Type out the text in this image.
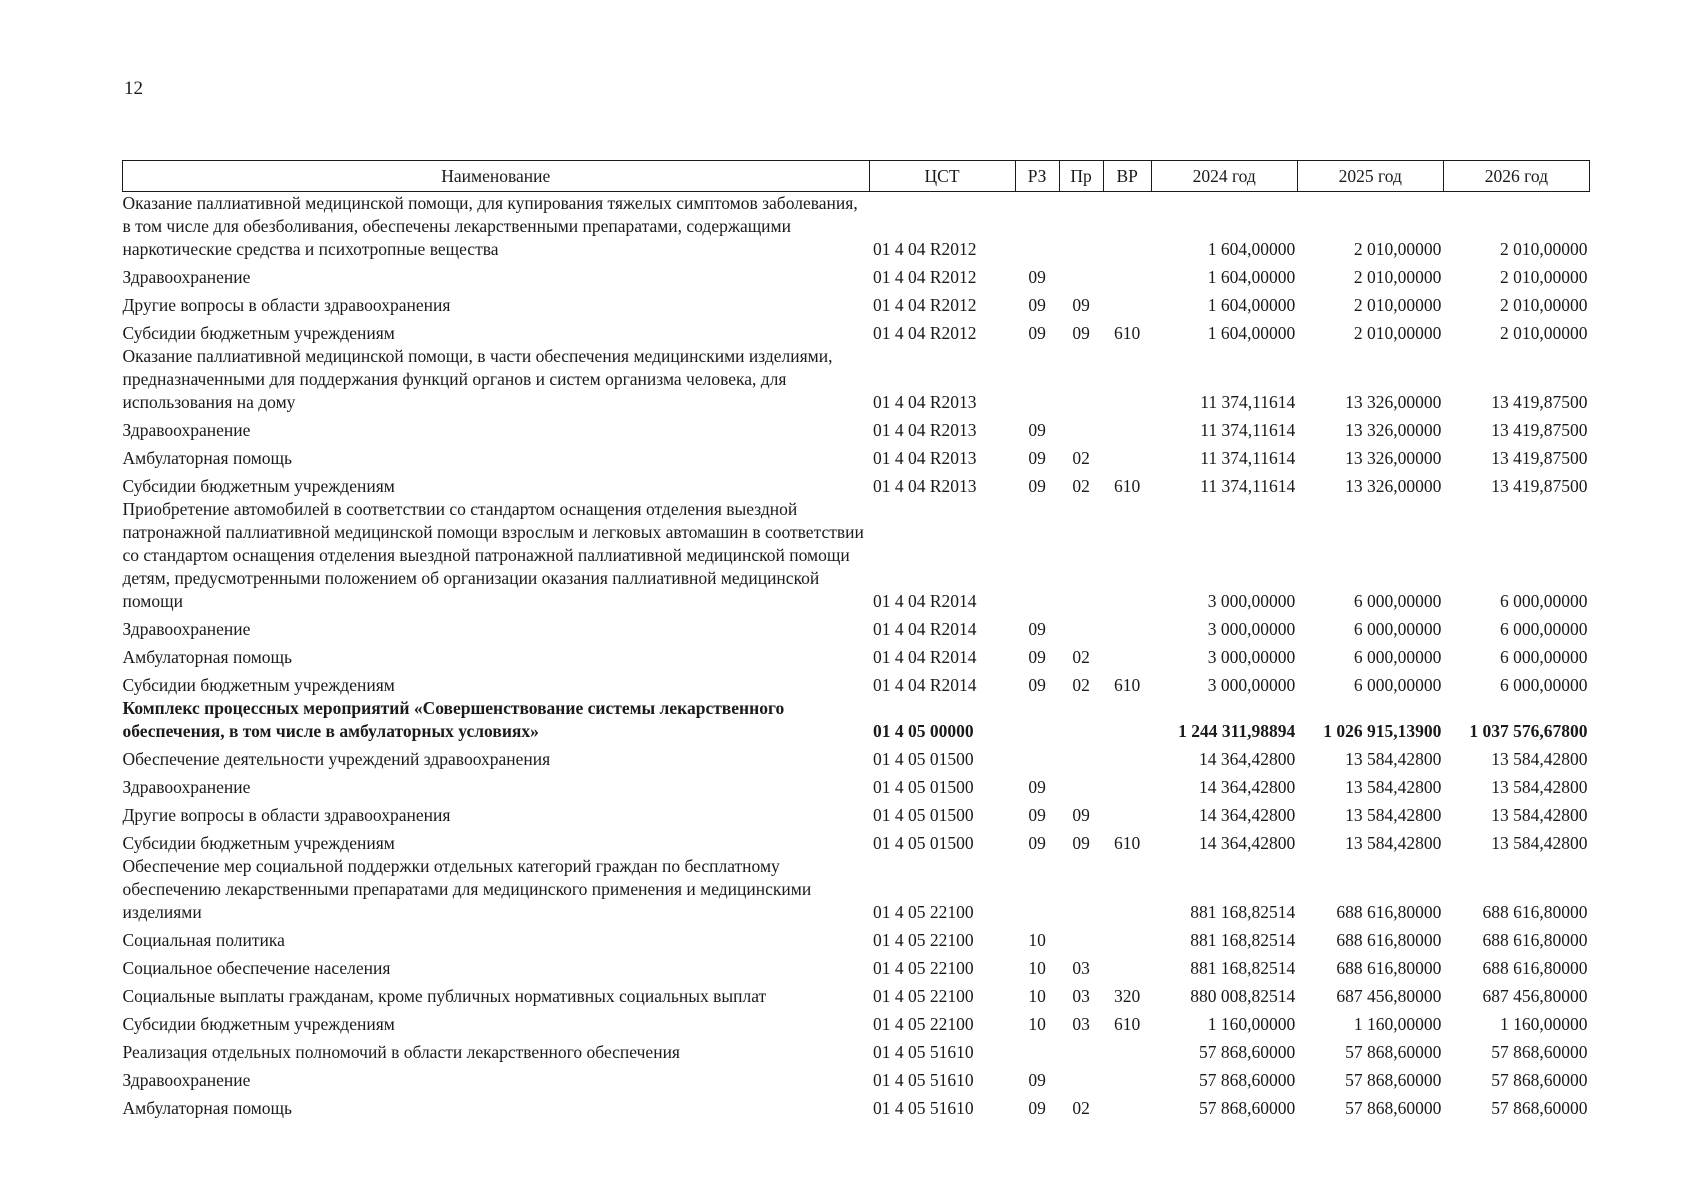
12
Наименование	ЦСТ	РЗ	Пр	ВР	2024 год	2025 год	2026 год
Оказание паллиативной медицинской помощи, для купирования тяжелых симптомов заболевания, в том числе для обезболивания, обеспечены лекарственными препаратами, содержащими наркотические средства и психотропные вещества	01 4 04 R2012				1 604,00000	2 010,00000	2 010,00000
Здравоохранение	01 4 04 R2012	09			1 604,00000	2 010,00000	2 010,00000
Другие вопросы в области здравоохранения	01 4 04 R2012	09	09		1 604,00000	2 010,00000	2 010,00000
Субсидии бюджетным учреждениям	01 4 04 R2012	09	09	610	1 604,00000	2 010,00000	2 010,00000
Оказание паллиативной медицинской помощи, в части обеспечения медицинскими изделиями, предназначенными для поддержания функций органов и систем организма человека, для использования на дому	01 4 04 R2013				11 374,11614	13 326,00000	13 419,87500
Здравоохранение	01 4 04 R2013	09			11 374,11614	13 326,00000	13 419,87500
Амбулаторная помощь	01 4 04 R2013	09	02		11 374,11614	13 326,00000	13 419,87500
Субсидии бюджетным учреждениям	01 4 04 R2013	09	02	610	11 374,11614	13 326,00000	13 419,87500
Приобретение автомобилей в соответствии со стандартом оснащения отделения выездной патронажной паллиативной медицинской помощи взрослым и легковых автомашин в соответствии со стандартом оснащения отделения выездной патронажной паллиативной медицинской помощи детям, предусмотренными положением об организации оказания паллиативной медицинской помощи	01 4 04 R2014				3 000,00000	6 000,00000	6 000,00000
Здравоохранение	01 4 04 R2014	09			3 000,00000	6 000,00000	6 000,00000
Амбулаторная помощь	01 4 04 R2014	09	02		3 000,00000	6 000,00000	6 000,00000
Субсидии бюджетным учреждениям	01 4 04 R2014	09	02	610	3 000,00000	6 000,00000	6 000,00000
Комплекс процессных мероприятий «Совершенствование системы лекарственного обеспечения, в том числе в амбулаторных условиях»	01 4 05 00000				1 244 311,98894	1 026 915,13900	1 037 576,67800
Обеспечение деятельности учреждений здравоохранения	01 4 05 01500				14 364,42800	13 584,42800	13 584,42800
Здравоохранение	01 4 05 01500	09			14 364,42800	13 584,42800	13 584,42800
Другие вопросы в области здравоохранения	01 4 05 01500	09	09		14 364,42800	13 584,42800	13 584,42800
Субсидии бюджетным учреждениям	01 4 05 01500	09	09	610	14 364,42800	13 584,42800	13 584,42800
Обеспечение мер социальной поддержки отдельных категорий граждан по бесплатному обеспечению лекарственными препаратами для медицинского применения и медицинскими изделиями	01 4 05 22100				881 168,82514	688 616,80000	688 616,80000
Социальная политика	01 4 05 22100	10			881 168,82514	688 616,80000	688 616,80000
Социальное обеспечение населения	01 4 05 22100	10	03		881 168,82514	688 616,80000	688 616,80000
Социальные выплаты гражданам, кроме публичных нормативных социальных выплат	01 4 05 22100	10	03	320	880 008,82514	687 456,80000	687 456,80000
Субсидии бюджетным учреждениям	01 4 05 22100	10	03	610	1 160,00000	1 160,00000	1 160,00000
Реализация отдельных полномочий в области лекарственного обеспечения	01 4 05 51610				57 868,60000	57 868,60000	57 868,60000
Здравоохранение	01 4 05 51610	09			57 868,60000	57 868,60000	57 868,60000
Амбулаторная помощь	01 4 05 51610	09	02		57 868,60000	57 868,60000	57 868,60000
